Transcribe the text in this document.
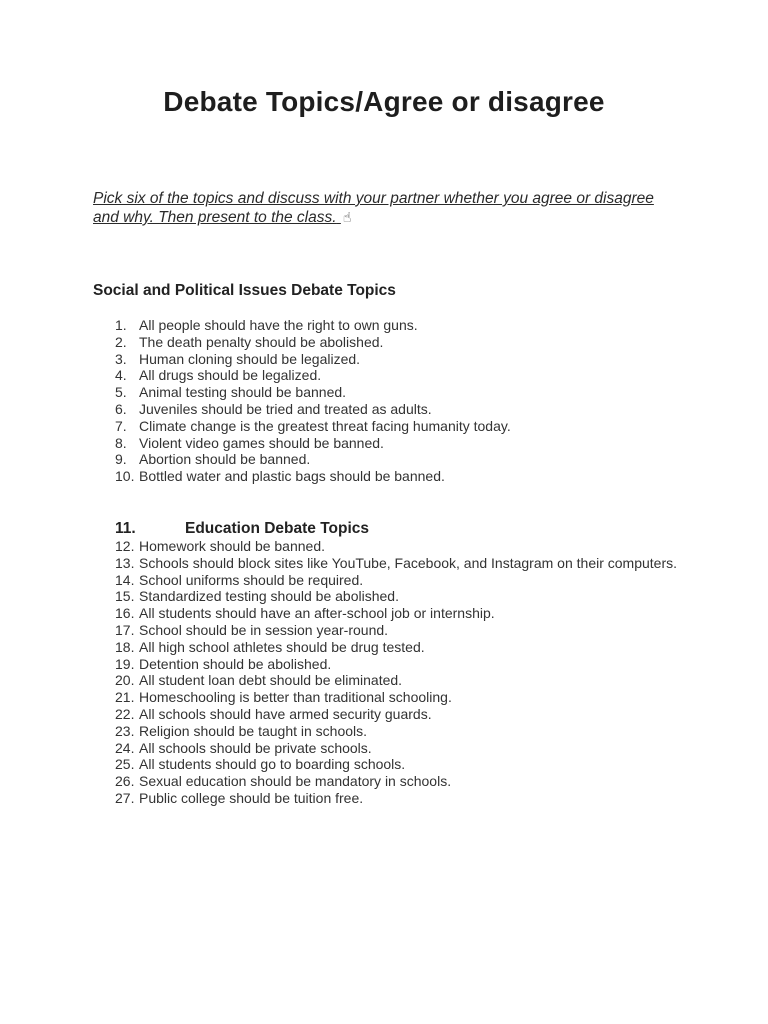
Debate Topics/Agree or disagree

Pick six of the topics and discuss with your partner whether you agree or disagree and why. Then present to the class. ☝

Social and Political Issues Debate Topics
1. All people should have the right to own guns.
2. The death penalty should be abolished.
3. Human cloning should be legalized.
4. All drugs should be legalized.
5. Animal testing should be banned.
6. Juveniles should be tried and treated as adults.
7. Climate change is the greatest threat facing humanity today.
8. Violent video games should be banned.
9. Abortion should be banned.
10. Bottled water and plastic bags should be banned.
11.	Education Debate Topics
12. Homework should be banned.
13. Schools should block sites like YouTube, Facebook, and Instagram on their computers.
14. School uniforms should be required.
15. Standardized testing should be abolished.
16. All students should have an after-school job or internship.
17. School should be in session year-round.
18. All high school athletes should be drug tested.
19. Detention should be abolished.
20. All student loan debt should be eliminated.
21. Homeschooling is better than traditional schooling.
22. All schools should have armed security guards.
23. Religion should be taught in schools.
24. All schools should be private schools.
25. All students should go to boarding schools.
26. Sexual education should be mandatory in schools.
27. Public college should be tuition free.
